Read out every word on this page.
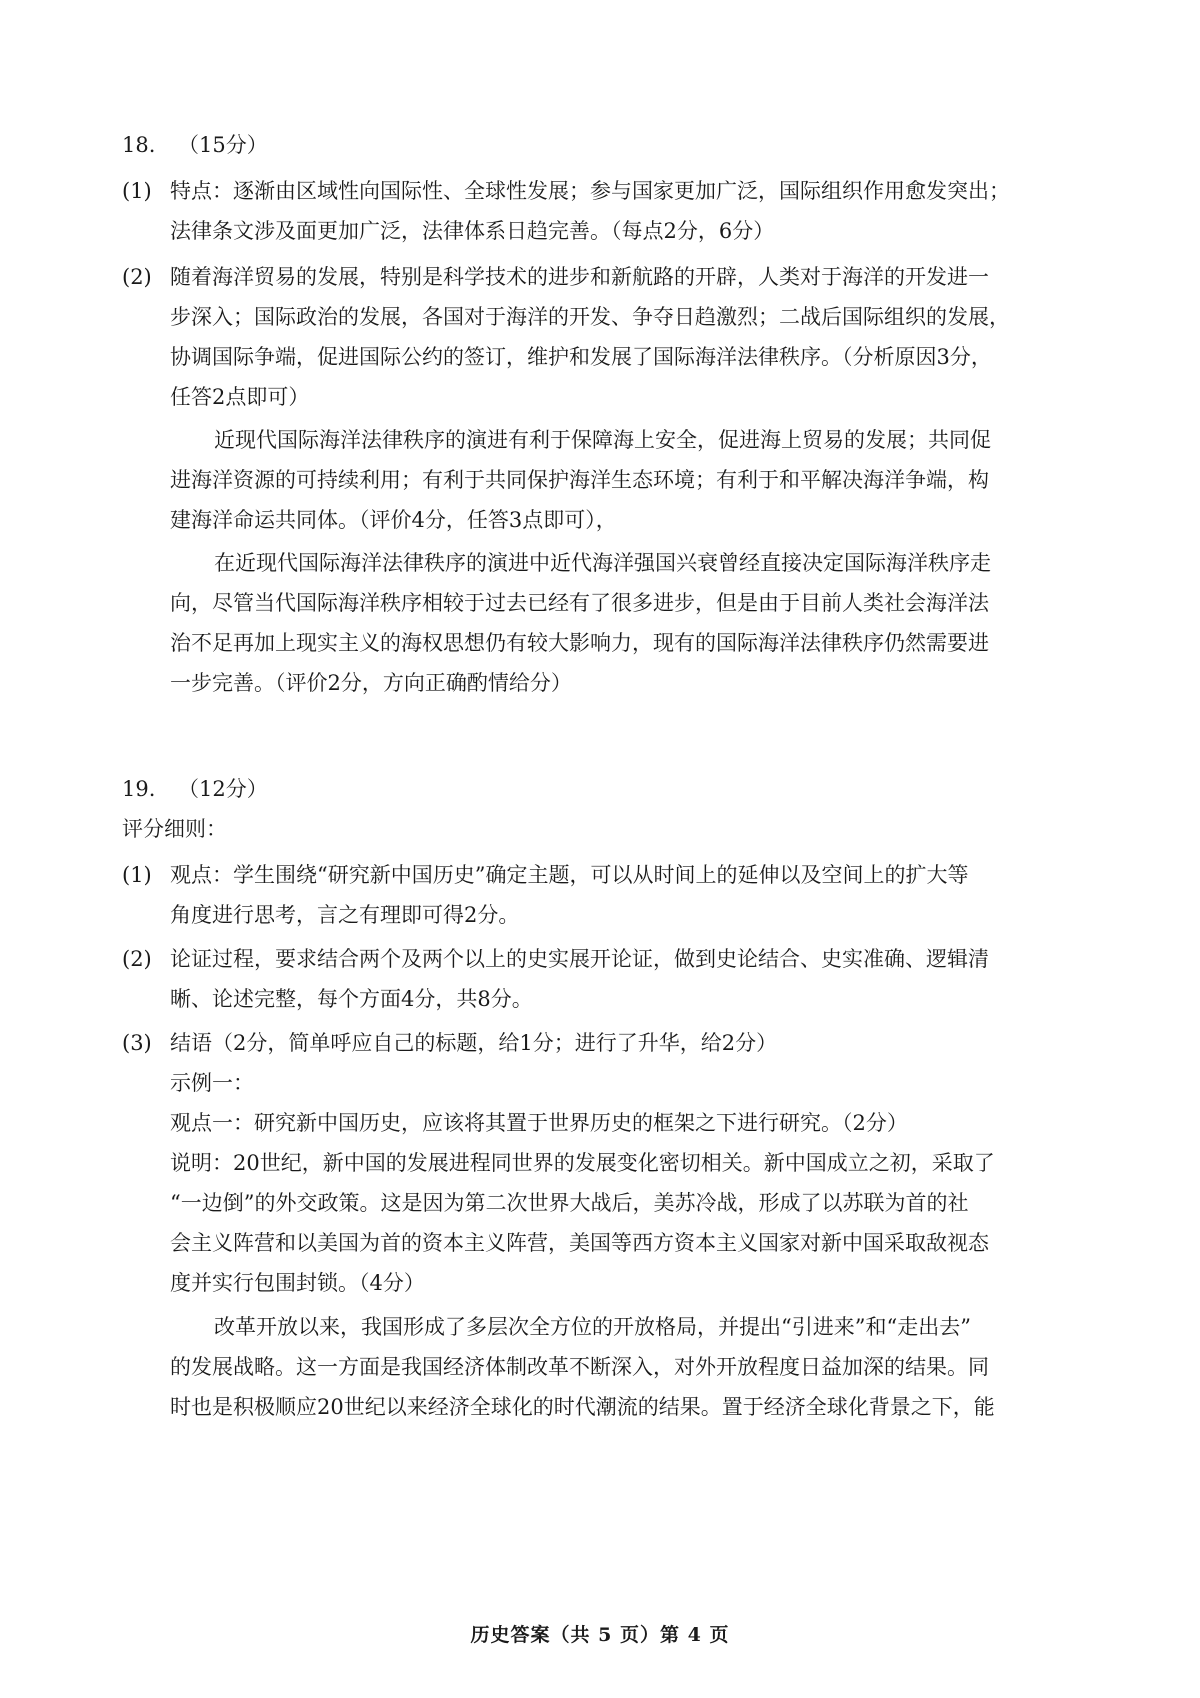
18. （15分）
(1) 特点：逐渐由区域性向国际性、全球性发展；参与国家更加广泛，国际组织作用愈发突出；
法律条文涉及面更加广泛，法律体系日趋完善。（每点2分，6分）
(2) 随着海洋贸易的发展，特别是科学技术的进步和新航路的开辟，人类对于海洋的开发进一
步深入；国际政治的发展，各国对于海洋的开发、争夺日趋激烈；二战后国际组织的发展，
协调国际争端，促进国际公约的签订，维护和发展了国际海洋法律秩序。（分析原因3分，
任答2点即可）
近现代国际海洋法律秩序的演进有利于保障海上安全，促进海上贸易的发展；共同促
进海洋资源的可持续利用；有利于共同保护海洋生态环境；有利于和平解决海洋争端，构
建海洋命运共同体。（评价4分，任答3点即可），
在近现代国际海洋法律秩序的演进中近代海洋强国兴衰曾经直接决定国际海洋秩序走
向，尽管当代国际海洋秩序相较于过去已经有了很多进步，但是由于目前人类社会海洋法
治不足再加上现实主义的海权思想仍有较大影响力，现有的国际海洋法律秩序仍然需要进
一步完善。（评价2分，方向正确酌情给分）
19. （12分）
评分细则：
(1) 观点：学生围绕“研究新中国历史”确定主题，可以从时间上的延伸以及空间上的扩大等
角度进行思考，言之有理即可得2分。
(2) 论证过程，要求结合两个及两个以上的史实展开论证，做到史论结合、史实准确、逻辑清
晰、论述完整，每个方面4分，共8分。
(3) 结语（2分，简单呼应自己的标题，给1分；进行了升华，给2分）
示例一：
观点一：研究新中国历史，应该将其置于世界历史的框架之下进行研究。（2分）
说明：20世纪，新中国的发展进程同世界的发展变化密切相关。新中国成立之初，采取了
“一边倒”的外交政策。这是因为第二次世界大战后，美苏冷战，形成了以苏联为首的社
会主义阵营和以美国为首的资本主义阵营，美国等西方资本主义国家对新中国采取敌视态
度并实行包围封锁。（4分）
改革开放以来，我国形成了多层次全方位的开放格局，并提出“引进来”和“走出去”
的发展战略。这一方面是我国经济体制改革不断深入，对外开放程度日益加深的结果。同
时也是积极顺应20世纪以来经济全球化的时代潮流的结果。置于经济全球化背景之下，能
历史答案（共 5 页）第 4 页
